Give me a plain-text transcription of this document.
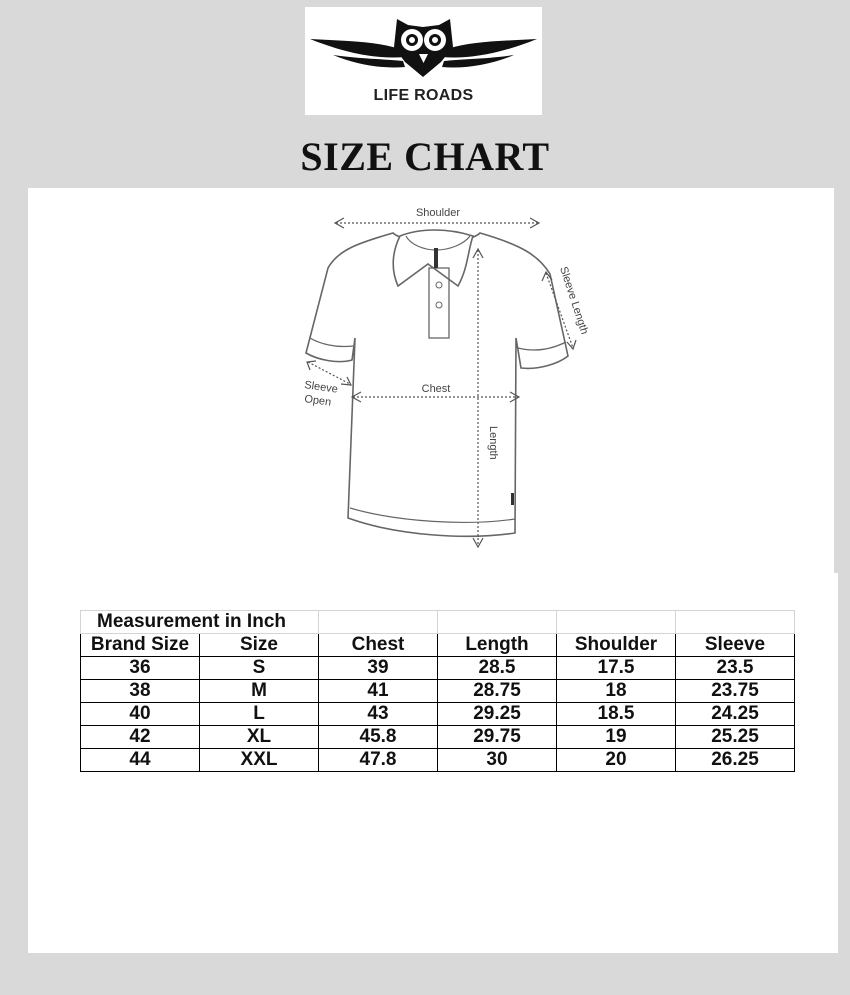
LIFE ROADS
SIZE CHART
Shoulder
Sleeve Length
Sleeve
Open
Chest
Length
Measurement in Inch					
Brand Size	Size	Chest	Length	Shoulder	Sleeve
36	S	39	28.5	17.5	23.5
38	M	41	28.75	18	23.75
40	L	43	29.25	18.5	24.25
42	XL	45.8	29.75	19	25.25
44	XXL	47.8	30	20	26.25
